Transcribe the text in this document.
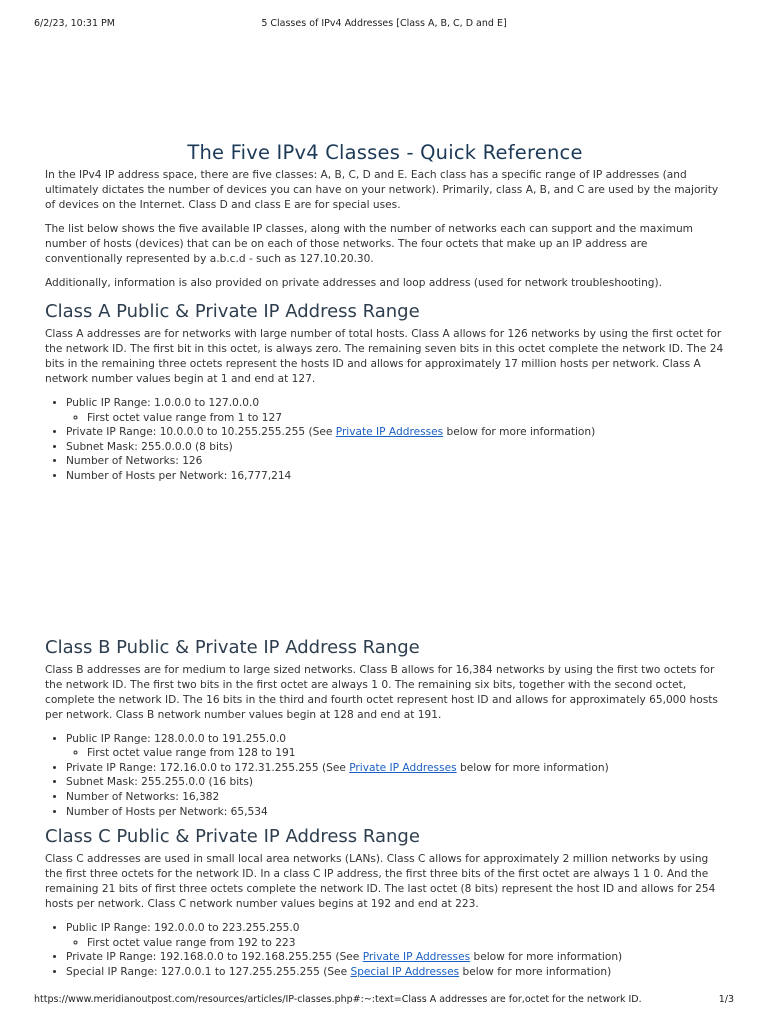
6/2/23, 10:31 PM	5 Classes of IPv4 Addresses [Class A, B, C, D and E]
The Five IPv4 Classes - Quick Reference

In the IPv4 IP address space, there are five classes: A, B, C, D and E. Each class has a specific range of IP addresses (and ultimately dictates the number of devices you can have on your network). Primarily, class A, B, and C are used by the majority of devices on the Internet. Class D and class E are for special uses.

The list below shows the five available IP classes, along with the number of networks each can support and the maximum number of hosts (devices) that can be on each of those networks. The four octets that make up an IP address are conventionally represented by a.b.c.d - such as 127.10.20.30.

Additionally, information is also provided on private addresses and loop address (used for network troubleshooting).

Class A Public & Private IP Address Range

Class A addresses are for networks with large number of total hosts. Class A allows for 126 networks by using the first octet for the network ID. The first bit in this octet, is always zero. The remaining seven bits in this octet complete the network ID. The 24 bits in the remaining three octets represent the hosts ID and allows for approximately 17 million hosts per network. Class A network number values begin at 1 and end at 127.

• Public IP Range: 1.0.0.0 to 127.0.0.0
◦ First octet value range from 1 to 127
• Private IP Range: 10.0.0.0 to 10.255.255.255 (See Private IP Addresses below for more information)
• Subnet Mask: 255.0.0.0 (8 bits)
• Number of Networks: 126
• Number of Hosts per Network: 16,777,214
Class B Public & Private IP Address Range

Class B addresses are for medium to large sized networks. Class B allows for 16,384 networks by using the first two octets for the network ID. The first two bits in the first octet are always 1 0. The remaining six bits, together with the second octet, complete the network ID. The 16 bits in the third and fourth octet represent host ID and allows for approximately 65,000 hosts per network. Class B network number values begin at 128 and end at 191.

• Public IP Range: 128.0.0.0 to 191.255.0.0
◦ First octet value range from 128 to 191
• Private IP Range: 172.16.0.0 to 172.31.255.255 (See Private IP Addresses below for more information)
• Subnet Mask: 255.255.0.0 (16 bits)
• Number of Networks: 16,382
• Number of Hosts per Network: 65,534
Class C Public & Private IP Address Range

Class C addresses are used in small local area networks (LANs). Class C allows for approximately 2 million networks by using the first three octets for the network ID. In a class C IP address, the first three bits of the first octet are always 1 1 0. And the remaining 21 bits of first three octets complete the network ID. The last octet (8 bits) represent the host ID and allows for 254 hosts per network. Class C network number values begins at 192 and end at 223.

• Public IP Range: 192.0.0.0 to 223.255.255.0
◦ First octet value range from 192 to 223
• Private IP Range: 192.168.0.0 to 192.168.255.255 (See Private IP Addresses below for more information)
• Special IP Range: 127.0.0.1 to 127.255.255.255 (See Special IP Addresses below for more information)
https://www.meridianoutpost.com/resources/articles/IP-classes.php#:~:text=Class A addresses are for,octet for the network ID.	1/3
